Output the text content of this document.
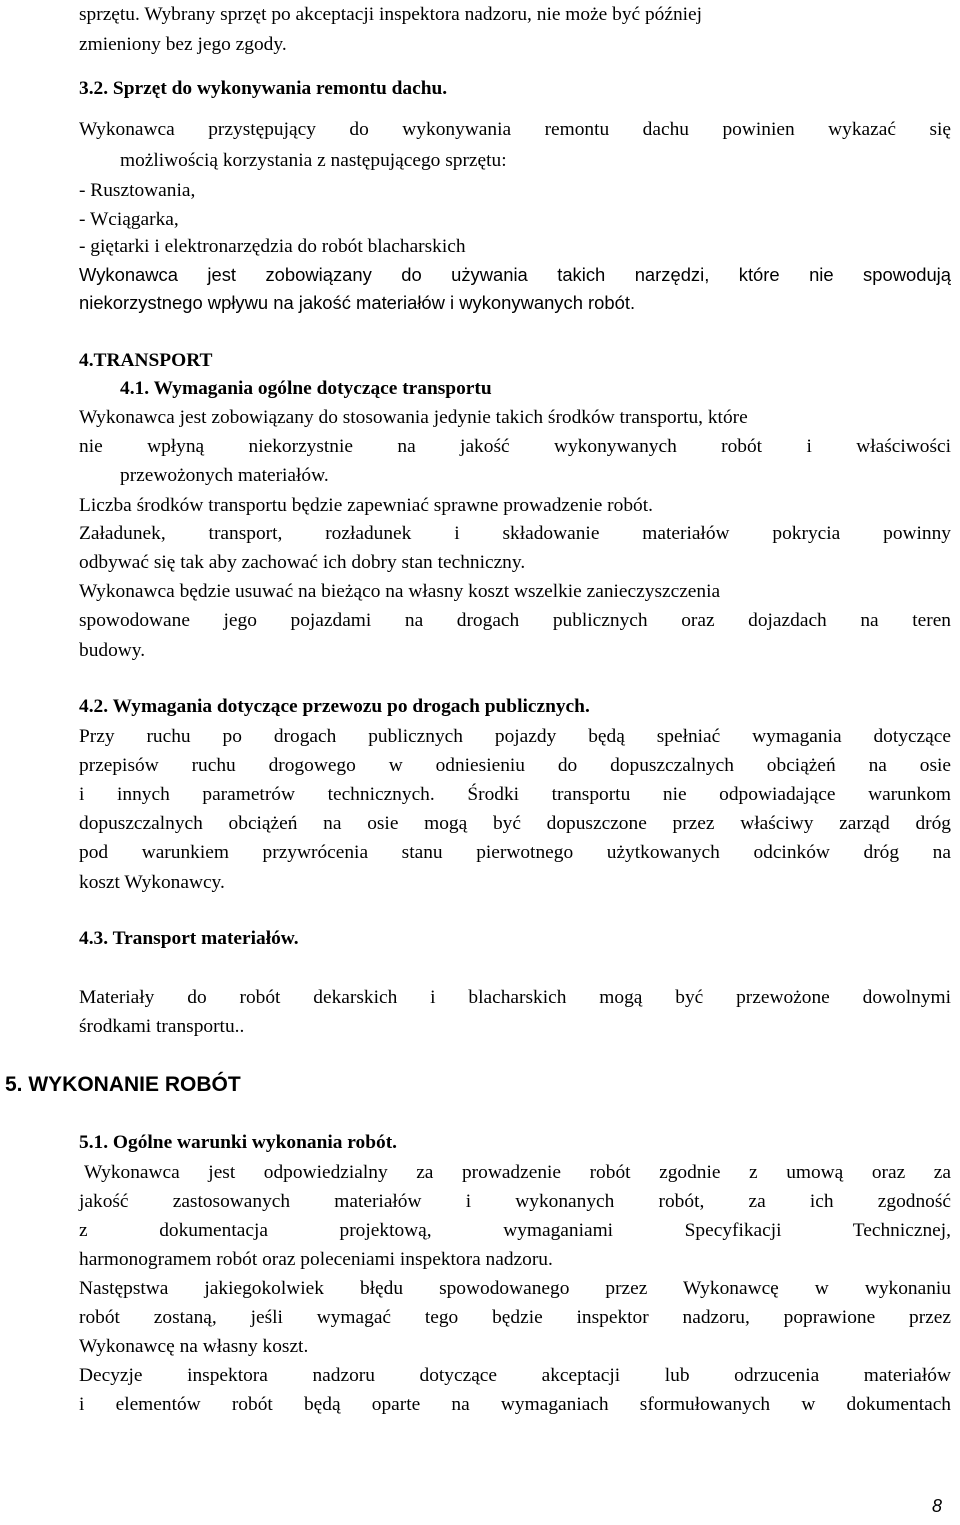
sprzętu. Wybrany sprzęt po akceptacji inspektora nadzoru, nie może być później
zmieniony bez jego zgody.
3.2. Sprzęt do wykonywania remontu dachu.
Wykonawca przystępujący do wykonywania remontu dachu powinien wykazać się
możliwością korzystania z następującego sprzętu:
- Rusztowania,
- Wciągarka,
- giętarki i elektronarzędzia do robót blacharskich
Wykonawca jest zobowiązany do używania takich narzędzi, które nie spowodują
niekorzystnego wpływu na jakość materiałów i wykonywanych robót.
4.TRANSPORT
4.1. Wymagania ogólne dotyczące transportu
Wykonawca jest zobowiązany do stosowania jedynie takich środków transportu, które
nie wpłyną niekorzystnie na jakość wykonywanych robót i właściwości
przewożonych materiałów.
Liczba środków transportu będzie zapewniać sprawne prowadzenie robót.
Załadunek, transport, rozładunek i składowanie materiałów pokrycia powinny
odbywać się tak aby zachować ich dobry stan techniczny.
Wykonawca będzie usuwać na bieżąco na własny koszt wszelkie zanieczyszczenia
spowodowane jego pojazdami na drogach publicznych oraz dojazdach na teren
budowy.
4.2. Wymagania dotyczące przewozu po drogach publicznych.
Przy ruchu po drogach publicznych pojazdy będą spełniać wymagania dotyczące
przepisów ruchu drogowego w odniesieniu do dopuszczalnych obciążeń na osie
i innych parametrów technicznych. Środki transportu nie odpowiadające warunkom
dopuszczalnych obciążeń na osie mogą być dopuszczone przez właściwy zarząd dróg
pod warunkiem przywrócenia stanu pierwotnego użytkowanych odcinków dróg na
koszt Wykonawcy.
4.3. Transport materiałów.
Materiały do robót dekarskich i blacharskich mogą być przewożone dowolnymi
środkami transportu..
5. WYKONANIE ROBÓT
5.1. Ogólne warunki wykonania robót.
Wykonawca jest odpowiedzialny za prowadzenie robót zgodnie z umową oraz za
jakość zastosowanych materiałów i wykonanych robót, za ich zgodność
z dokumentacja projektową, wymaganiami Specyfikacji Technicznej,
harmonogramem robót oraz poleceniami inspektora nadzoru.
Następstwa jakiegokolwiek błędu spowodowanego przez Wykonawcę w wykonaniu
robót zostaną, jeśli wymagać tego będzie inspektor nadzoru, poprawione przez
Wykonawcę na własny koszt.
Decyzje inspektora nadzoru dotyczące akceptacji lub odrzucenia materiałów
i elementów robót będą oparte na wymaganiach sformułowanych w dokumentach
8
